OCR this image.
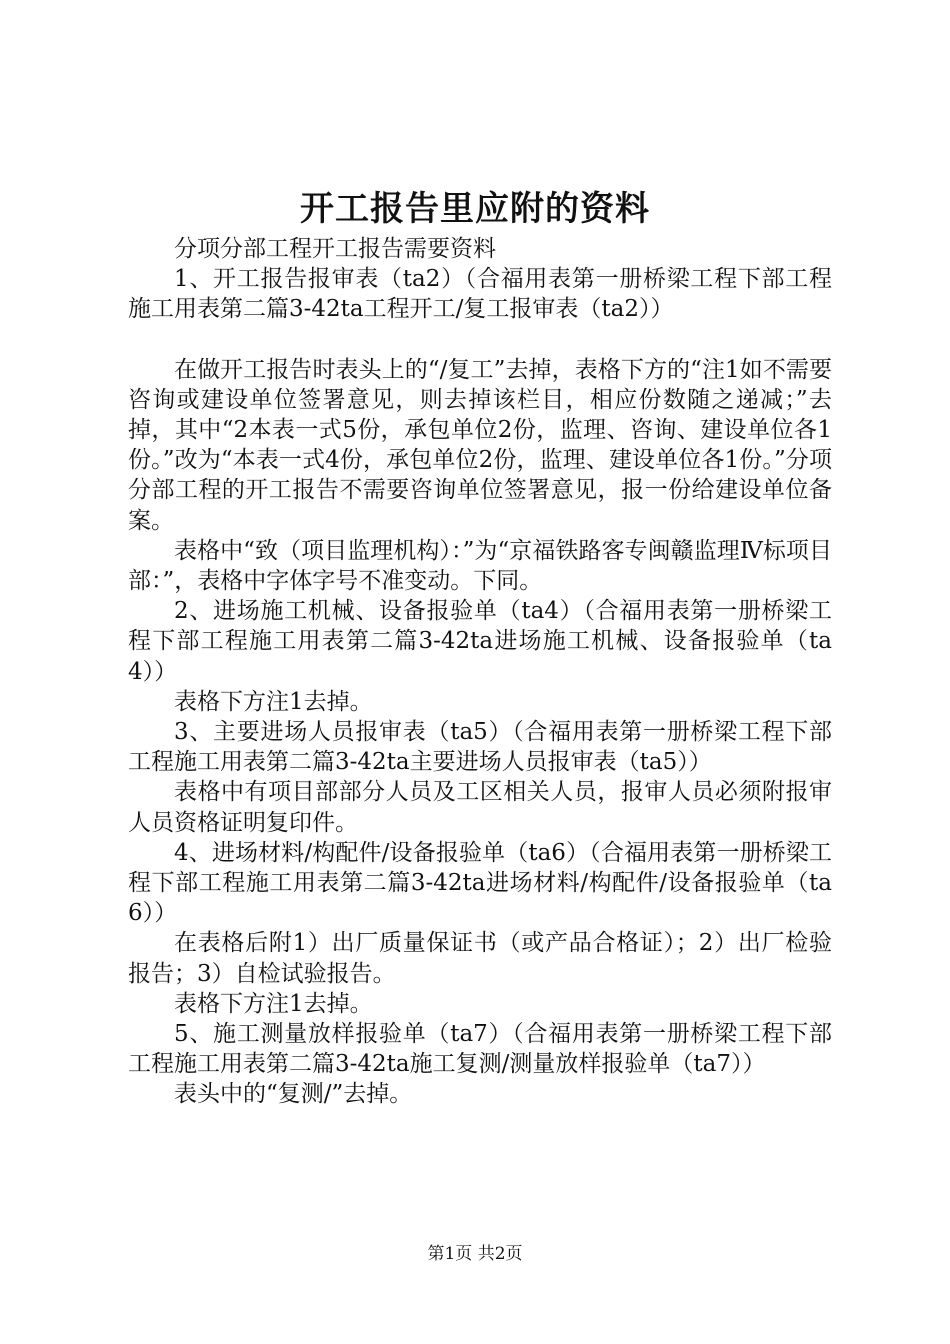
开工报告里应附的资料

分项分部工程开工报告需要资料

1、开工报告报审表（ta2）（合福用表第一册桥梁工程下部工程施工用表第二篇3-42ta工程开工/复工报审表（ta2））

在做开工报告时表头上的“/复工”去掉，表格下方的“注1如不需要咨询或建设单位签署意见，则去掉该栏目，相应份数随之递减；”去掉，其中“2本表一式5份，承包单位2份，监理、咨询、建设单位各1份。”改为“本表一式4份，承包单位2份，监理、建设单位各1份。”分项分部工程的开工报告不需要咨询单位签署意见，报一份给建设单位备案。

表格中“致（项目监理机构）：”为“京福铁路客专闽赣监理Ⅳ标项目部：”，表格中字体字号不准变动。下同。

2、进场施工机械、设备报验单（ta4）（合福用表第一册桥梁工程下部工程施工用表第二篇3-42ta进场施工机械、设备报验单（ta4））

表格下方注1去掉。

3、主要进场人员报审表（ta5）（合福用表第一册桥梁工程下部工程施工用表第二篇3-42ta主要进场人员报审表（ta5））

表格中有项目部部分人员及工区相关人员，报审人员必须附报审人员资格证明复印件。

4、进场材料/构配件/设备报验单（ta6）（合福用表第一册桥梁工程下部工程施工用表第二篇3-42ta进场材料/构配件/设备报验单（ta6））

在表格后附1）出厂质量保证书（或产品合格证）；2）出厂检验报告；3）自检试验报告。

表格下方注1去掉。

5、施工测量放样报验单（ta7）（合福用表第一册桥梁工程下部工程施工用表第二篇3-42ta施工复测/测量放样报验单（ta7））

表头中的“复测/”去掉。

第1页 共2页
